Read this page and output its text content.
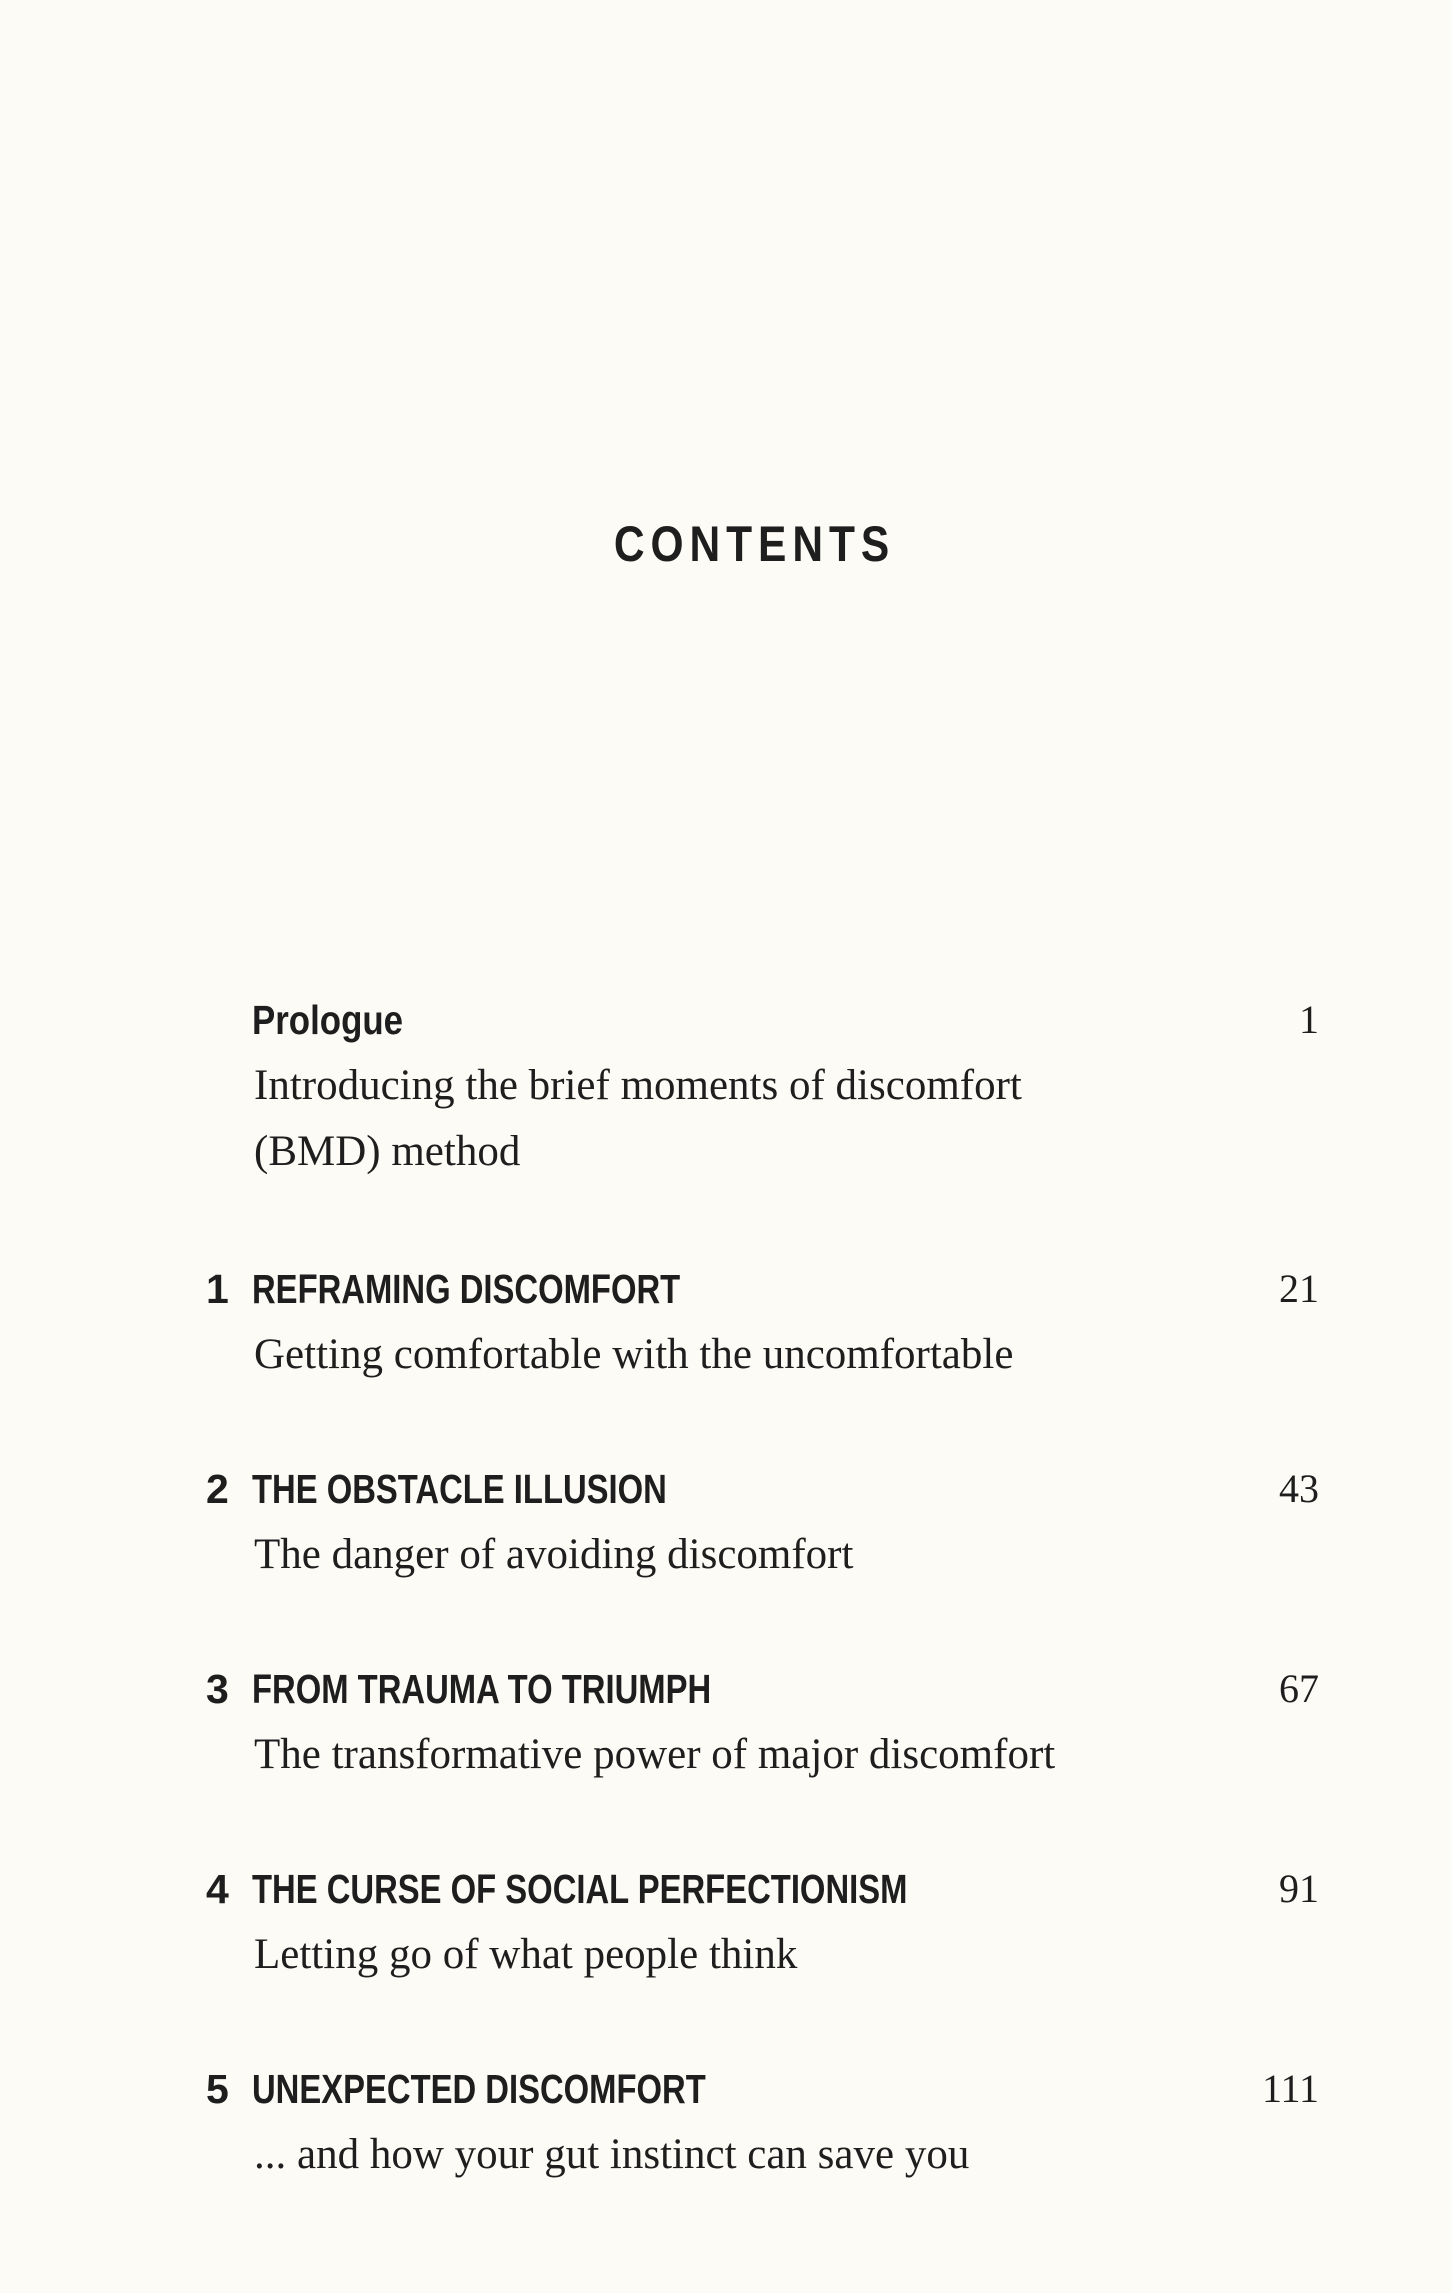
CONTENTS
Prologue	1
Introducing the brief moments of discomfort
(BMD) method
1 REFRAMING DISCOMFORT	21
Getting comfortable with the uncomfortable
2 THE OBSTACLE ILLUSION	43
The danger of avoiding discomfort
3 FROM TRAUMA TO TRIUMPH	67
The transformative power of major discomfort
4 THE CURSE OF SOCIAL PERFECTIONISM	91
Letting go of what people think
5 UNEXPECTED DISCOMFORT	111
... and how your gut instinct can save you
